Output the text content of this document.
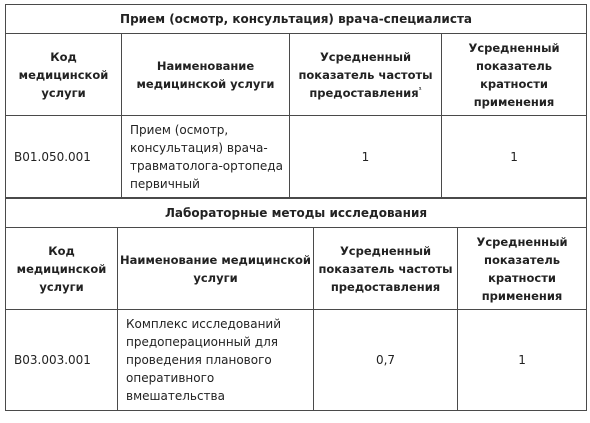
Прием (осмотр, консультация) врача-специалиста			
Код медицинской услуги	Наименование медицинской услуги	Усредненный показатель частоты предоставления$^{^1}$	Усредненный показатель кратности применения
B01.050.001	Прием (осмотр, консультация) врача-травматолога-ортопеда первичный	1	1
Лабораторные методы исследования			
Код медицинской услуги	Наименование медицинской услуги	Усредненный показатель частоты предоставления	Усредненный показатель кратности применения
B03.003.001	Комплекс исследований предоперационный для проведения планового оперативного вмешательства	0,7	1
